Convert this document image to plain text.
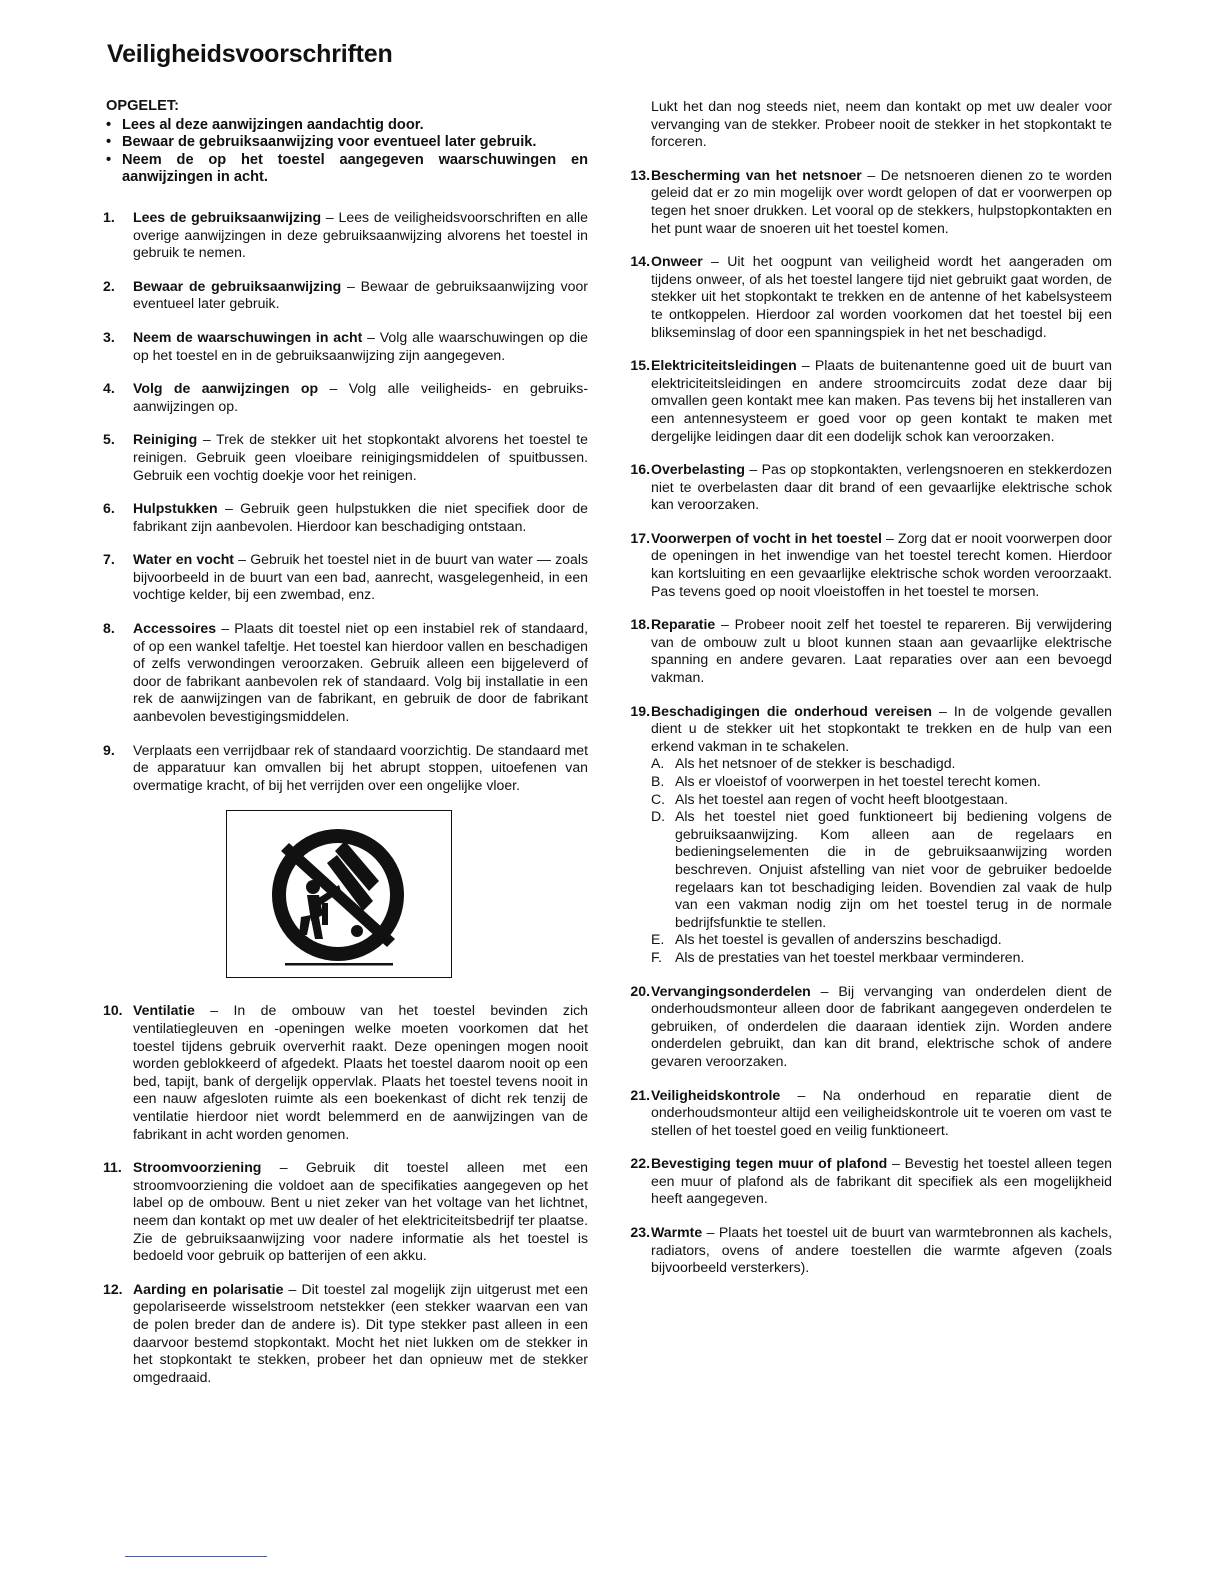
Veiligheidsvoorschriften
OPGELET:
• Lees al deze aanwijzingen aandachtig door.
• Bewaar de gebruiksaanwijzing voor eventueel later gebruik.
• Neem de op het toestel aangegeven waarschuwingen en aanwijzingen in acht.
1.	Lees de gebruiksaanwijzing – Lees de veiligheidsvoorschriften en alle overige aanwijzingen in deze gebruiksaanwijzing alvorens het toestel in gebruik te nemen.
2.	Bewaar de gebruiksaanwijzing – Bewaar de gebruiksaanwijzing voor eventueel later gebruik.
3.	Neem de waarschuwingen in acht – Volg alle waarschuwingen op die op het toestel en in de gebruiksaanwijzing zijn aangegeven.
4.	Volg de aanwijzingen op – Volg alle veiligheids- en gebruiksaanwijzingen op.
5.	Reiniging – Trek de stekker uit het stopkontakt alvorens het toestel te reinigen. Gebruik geen vloeibare reinigingsmiddelen of spuitbussen. Gebruik een vochtig doekje voor het reinigen.
6.	Hulpstukken – Gebruik geen hulpstukken die niet specifiek door de fabrikant zijn aanbevolen. Hierdoor kan beschadiging ontstaan.
7.	Water en vocht – Gebruik het toestel niet in de buurt van water — zoals bijvoorbeeld in de buurt van een bad, aanrecht, wasgelegenheid, in een vochtige kelder, bij een zwembad, enz.
8.	Accessoires – Plaats dit toestel niet op een instabiel rek of standaard, of op een wankel tafeltje. Het toestel kan hierdoor vallen en beschadigen of zelfs verwondingen veroorzaken. Gebruik alleen een bijgeleverd of door de fabrikant aanbevolen rek of standaard. Volg bij installatie in een rek de aanwijzingen van de fabrikant, en gebruik de door de fabrikant aanbevolen bevestigingsmiddelen.
9.	Verplaats een verrijdbaar rek of standaard voorzichtig. De standaard met de apparatuur kan omvallen bij het abrupt stoppen, uitoefenen van overmatige kracht, of bij het verrijden over een ongelijke vloer.
10. Ventilatie – In de ombouw van het toestel bevinden zich ventilatiegleuven en -openingen welke moeten voorkomen dat het toestel tijdens gebruik oververhit raakt. Deze openingen mogen nooit worden geblokkeerd of afgedekt. Plaats het toestel daarom nooit op een bed, tapijt, bank of dergelijk oppervlak. Plaats het toestel tevens nooit in een nauw afgesloten ruimte als een boekenkast of dicht rek tenzij de ventilatie hierdoor niet wordt belemmerd en de aanwijzingen van de fabrikant in acht worden genomen.
11. Stroomvoorziening – Gebruik dit toestel alleen met een stroomvoorziening die voldoet aan de specifikaties aangegeven op het label op de ombouw. Bent u niet zeker van het voltage van het lichtnet, neem dan kontakt op met uw dealer of het elektriciteitsbedrijf ter plaatse. Zie de gebruiksaanwijzing voor nadere informatie als het toestel is bedoeld voor gebruik op batterijen of een akku.
12. Aarding en polarisatie – Dit toestel zal mogelijk zijn uitgerust met een gepolariseerde wisselstroom netstekker (een stekker waarvan een van de polen breder dan de andere is). Dit type stekker past alleen in een daarvoor bestemd stopkontakt. Mocht het niet lukken om de stekker in het stopkontakt te stekken, probeer het dan opnieuw met de stekker omgedraaid.
Lukt het dan nog steeds niet, neem dan kontakt op met uw dealer voor vervanging van de stekker. Probeer nooit de stekker in het stopkontakt te forceren.
13. Bescherming van het netsnoer – De netsnoeren dienen zo te worden geleid dat er zo min mogelijk over wordt gelopen of dat er voorwerpen op tegen het snoer drukken. Let vooral op de stekkers, hulpstopkontakten en het punt waar de snoeren uit het toestel komen.
14. Onweer – Uit het oogpunt van veiligheid wordt het aangeraden om tijdens onweer, of als het toestel langere tijd niet gebruikt gaat worden, de stekker uit het stopkontakt te trekken en de antenne of het kabelsysteem te ontkoppelen. Hierdoor zal worden voorkomen dat het toestel bij een blikseminslag of door een spanningspiek in het net beschadigd.
15. Elektriciteitsleidingen – Plaats de buitenantenne goed uit de buurt van elektriciteitsleidingen en andere stroomcircuits zodat deze daar bij omvallen geen kontakt mee kan maken. Pas tevens bij het installeren van een antennesysteem er goed voor op geen kontakt te maken met dergelijke leidingen daar dit een dodelijk schok kan veroorzaken.
16. Overbelasting – Pas op stopkontakten, verlengsnoeren en stekkerdozen niet te overbelasten daar dit brand of een gevaarlijke elektrische schok kan veroorzaken.
17. Voorwerpen of vocht in het toestel – Zorg dat er nooit voorwerpen door de openingen in het inwendige van het toestel terecht komen. Hierdoor kan kortsluiting en een gevaarlijke elektrische schok worden veroorzaakt. Pas tevens goed op nooit vloeistoffen in het toestel te morsen.
18. Reparatie – Probeer nooit zelf het toestel te repareren. Bij verwijdering van de ombouw zult u bloot kunnen staan aan gevaarlijke elektrische spanning en andere gevaren. Laat reparaties over aan een bevoegd vakman.
19. Beschadigingen die onderhoud vereisen – In de volgende gevallen dient u de stekker uit het stopkontakt te trekken en de hulp van een erkend vakman in te schakelen.
A. Als het netsnoer of de stekker is beschadigd.
B. Als er vloeistof of voorwerpen in het toestel terecht komen.
C. Als het toestel aan regen of vocht heeft blootgestaan.
D. Als het toestel niet goed funktioneert bij bediening volgens de gebruiksaanwijzing. Kom alleen aan de regelaars en bedieningselementen die in de gebruiksaanwijzing worden beschreven. Onjuist afstelling van niet voor de gebruiker bedoelde regelaars kan tot beschadiging leiden. Bovendien zal vaak de hulp van een vakman nodig zijn om het toestel terug in de normale bedrijfsfunktie te stellen.
E. Als het toestel is gevallen of anderszins beschadigd.
F. Als de prestaties van het toestel merkbaar verminderen.
20. Vervangingsonderdelen – Bij vervanging van onderdelen dient de onderhoudsmonteur alleen door de fabrikant aangegeven onderdelen te gebruiken, of onderdelen die daaraan identiek zijn. Worden andere onderdelen gebruikt, dan kan dit brand, elektrische schok of andere gevaren veroorzaken.
21. Veiligheidskontrole – Na onderhoud en reparatie dient de onderhoudsmonteur altijd een veiligheidskontrole uit te voeren om vast te stellen of het toestel goed en veilig funktioneert.
22. Bevestiging tegen muur of plafond – Bevestig het toestel alleen tegen een muur of plafond als de fabrikant dit specifiek als een mogelijkheid heeft aangegeven.
23. Warmte – Plaats het toestel uit de buurt van warmtebronnen als kachels, radiators, ovens of andere toestellen die warmte afgeven (zoals bijvoorbeeld versterkers).
